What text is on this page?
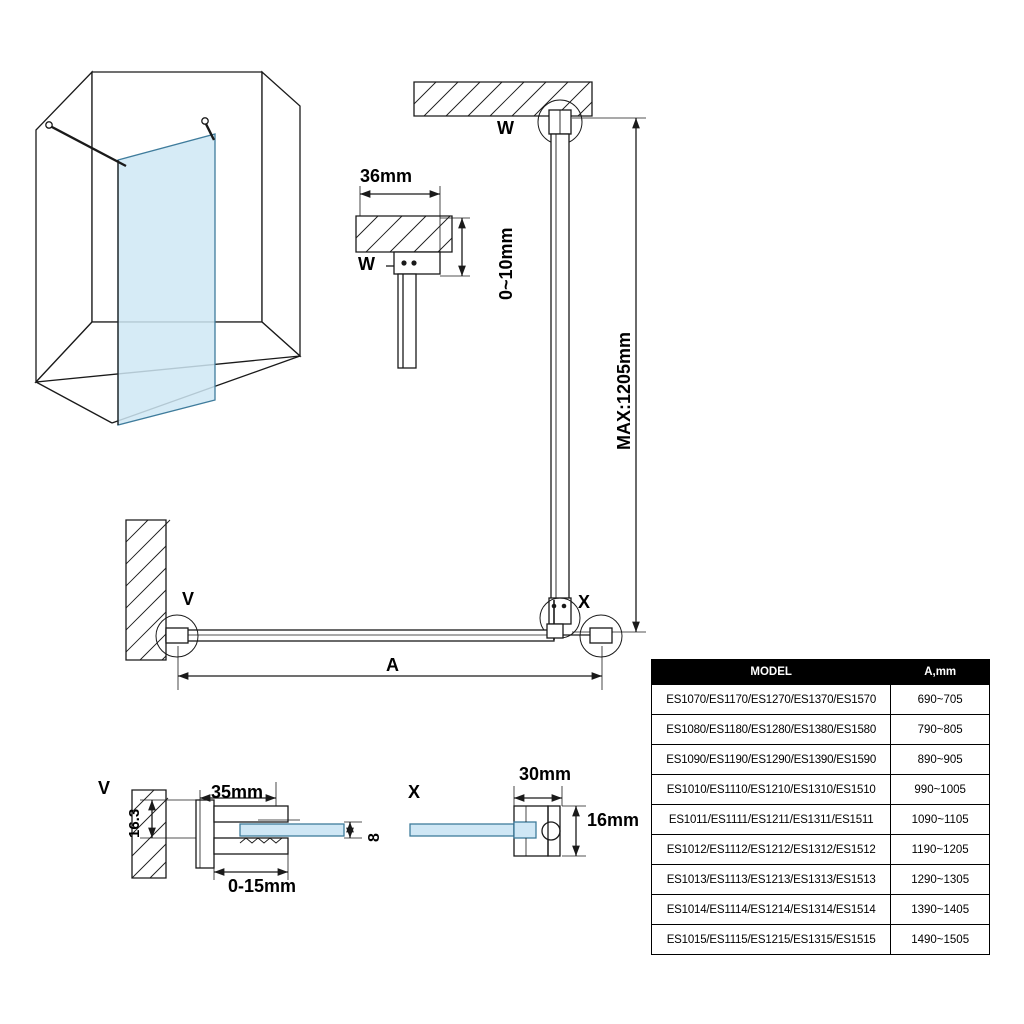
36mm
0~10mm
W
W
MAX:1205mm
V	X
A
V
16.3
35mm
8
0-15mm
X
30mm
16mm
MODEL	A,mm
ES1070/ES1170/ES1270/ES1370/ES1570	690~705
ES1080/ES1180/ES1280/ES1380/ES1580	790~805
ES1090/ES1190/ES1290/ES1390/ES1590	890~905
ES1010/ES1110/ES1210/ES1310/ES1510	990~1005
ES1011/ES1111/ES1211/ES1311/ES1511	1090~1105
ES1012/ES1112/ES1212/ES1312/ES1512	1190~1205
ES1013/ES1113/ES1213/ES1313/ES1513	1290~1305
ES1014/ES1114/ES1214/ES1314/ES1514	1390~1405
ES1015/ES1115/ES1215/ES1315/ES1515	1490~1505
